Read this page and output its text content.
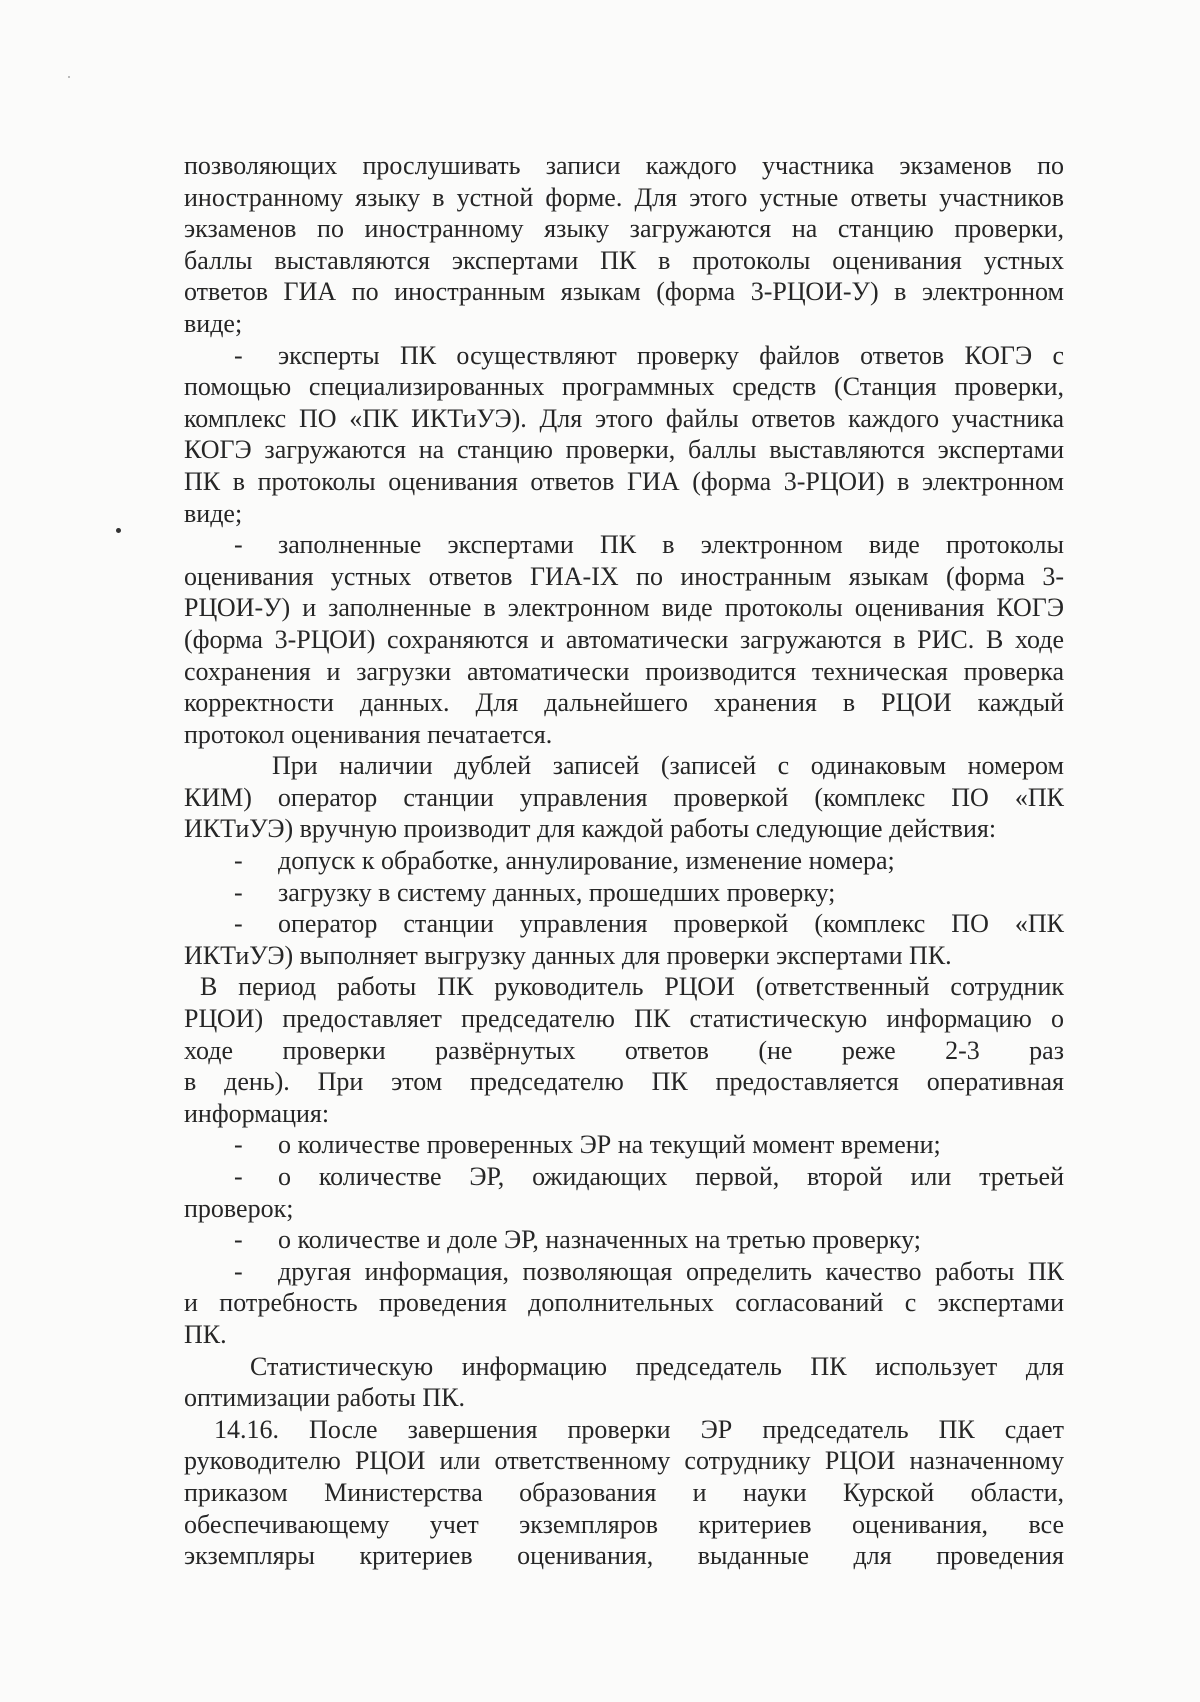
позволяющих прослушивать записи каждого участника экзаменов по
иностранному языку в устной форме. Для этого устные ответы участников
экзаменов по иностранному языку загружаются на станцию проверки,
баллы выставляются экспертами ПК в протоколы оценивания устных
ответов ГИА по иностранным языкам (форма 3-РЦОИ-У) в электронном
виде;
- эксперты ПК осуществляют проверку файлов ответов КОГЭ с
помощью специализированных программных средств (Станция проверки,
комплекс ПО «ПК ИКТиУЭ). Для этого файлы ответов каждого участника
КОГЭ загружаются на станцию проверки, баллы выставляются экспертами
ПК в протоколы оценивания ответов ГИА (форма 3-РЦОИ) в электронном
виде;
- заполненные экспертами ПК в электронном виде протоколы
оценивания устных ответов ГИА-IX по иностранным языкам (форма 3-
РЦОИ-У) и заполненные в электронном виде протоколы оценивания КОГЭ
(форма 3-РЦОИ) сохраняются и автоматически загружаются в РИС. В ходе
сохранения и загрузки автоматически производится техническая проверка
корректности данных. Для дальнейшего хранения в РЦОИ каждый
протокол оценивания печатается.
При наличии дублей записей (записей с одинаковым номером
КИМ) оператор станции управления проверкой (комплекс ПО «ПК
ИКТиУЭ) вручную производит для каждой работы следующие действия:
- допуск к обработке, аннулирование, изменение номера;
- загрузку в систему данных, прошедших проверку;
- оператор станции управления проверкой (комплекс ПО «ПК
ИКТиУЭ) выполняет выгрузку данных для проверки экспертами ПК.
В период работы ПК руководитель РЦОИ (ответственный сотрудник
РЦОИ) предоставляет председателю ПК статистическую информацию о
ходе проверки развёрнутых ответов (не реже 2-3 раз
в день). При этом председателю ПК предоставляется оперативная
информация:
- о количестве проверенных ЭР на текущий момент времени;
- о количестве ЭР, ожидающих первой, второй или третьей
проверок;
- о количестве и доле ЭР, назначенных на третью проверку;
- другая информация, позволяющая определить качество работы ПК
и потребность проведения дополнительных согласований с экспертами
ПК.
Статистическую информацию председатель ПК использует для
оптимизации работы ПК.
14.16. После завершения проверки ЭР председатель ПК сдает
руководителю РЦОИ или ответственному сотруднику РЦОИ назначенному
приказом Министерства образования и науки Курской области,
обеспечивающему учет экземпляров критериев оценивания, все
экземпляры критериев оценивания, выданные для проведения
